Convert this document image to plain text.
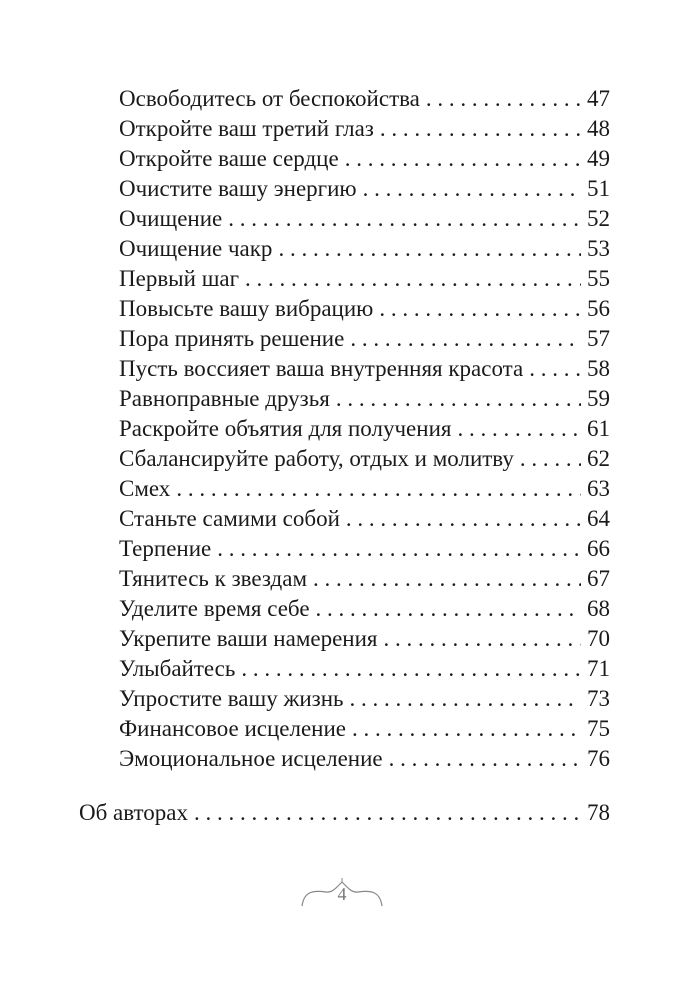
Освободитесь от беспокойства . . .	47
Откройте ваш третий глаз . . .	48
Откройте ваше сердце . . .	49
Очистите вашу энергию . . .	51
Очищение . . .	52
Очищение чакр . . .	53
Первый шаг . . .	55
Повысьте вашу вибрацию . . .	56
Пора принять решение . . .	57
Пусть воссияет ваша внутренняя красота . . .	58
Равноправные друзья . . .	59
Раскройте объятия для получения . . .	61
Сбалансируйте работу, отдых и молитву . . .	62
Смех . . .	63
Станьте самими собой . . .	64
Терпение . . .	66
Тянитесь к звездам . . .	67
Уделите время себе . . .	68
Укрепите ваши намерения . . .	70
Улыбайтесь . . .	71
Упростите вашу жизнь . . .	73
Финансовое исцеление . . .	75
Эмоциональное исцеление . . .	76
Об авторах . . .	78
4
